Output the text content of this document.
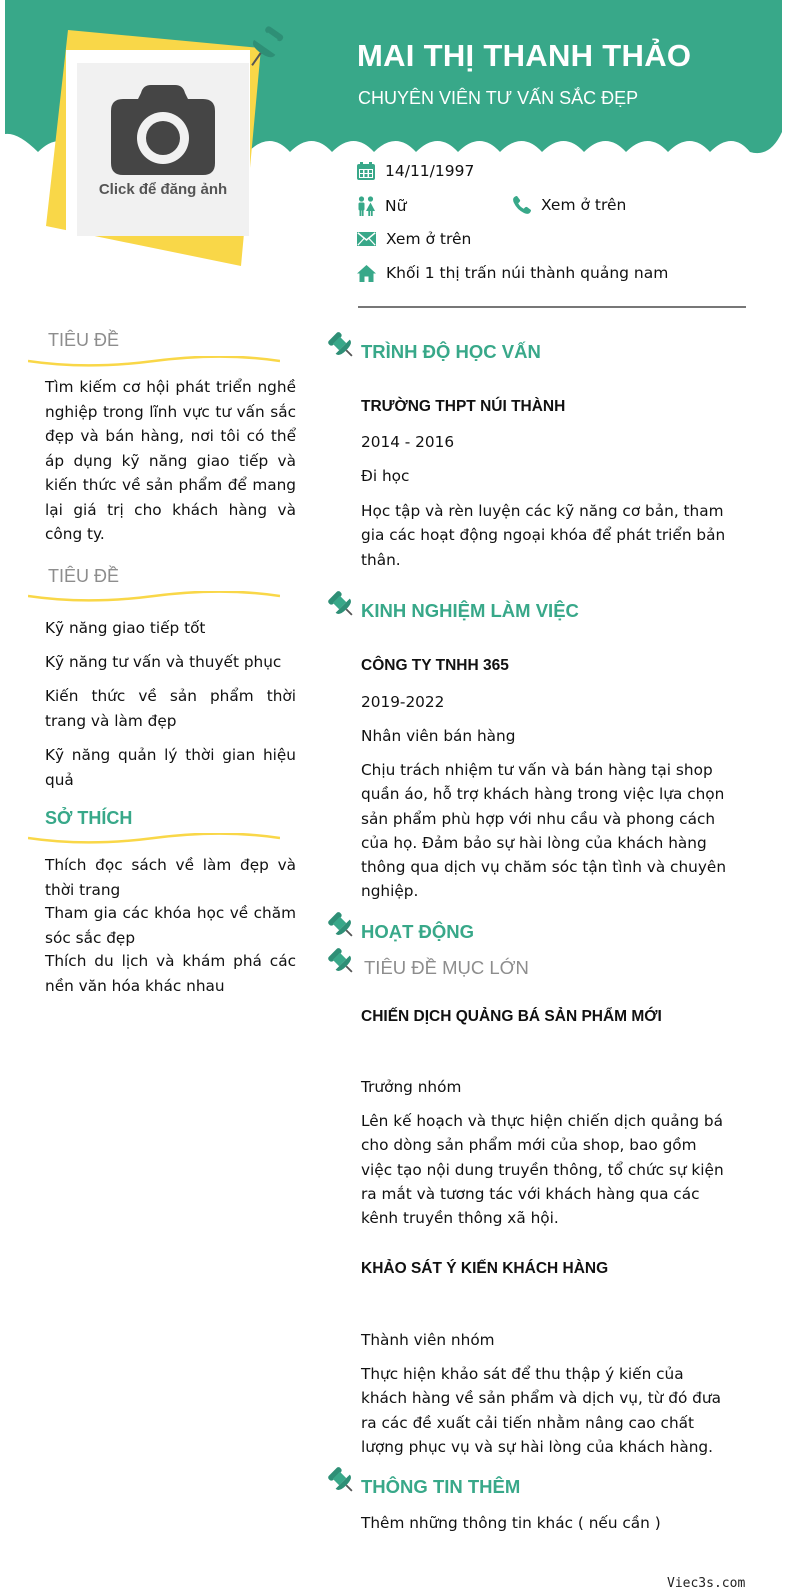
Click để đăng ảnh
MAI THỊ THANH THẢO
CHUYÊN VIÊN TƯ VẤN SẮC ĐẸP
14/11/1997
Nữ	Xem ở trên
Xem ở trên
Khối 1 thị trấn núi thành quảng nam
TIÊU ĐỀ
Tìm kiếm cơ hội phát triển nghề nghiệp trong lĩnh vực tư vấn sắc đẹp và bán hàng, nơi tôi có thể áp dụng kỹ năng giao tiếp và kiến thức về sản phẩm để mang lại giá trị cho khách hàng và công ty.
TIÊU ĐỀ
Kỹ năng giao tiếp tốt
Kỹ năng tư vấn và thuyết phục
Kiến thức về sản phẩm thời trang và làm đẹp
Kỹ năng quản lý thời gian hiệu quả
SỞ THÍCH
Thích đọc sách về làm đẹp và thời trang
Tham gia các khóa học về chăm sóc sắc đẹp
Thích du lịch và khám phá các nền văn hóa khác nhau
TRÌNH ĐỘ HỌC VẤN
TRƯỜNG THPT NÚI THÀNH
2014 - 2016
Đi học
Học tập và rèn luyện các kỹ năng cơ bản, tham gia các hoạt động ngoại khóa để phát triển bản thân.
KINH NGHIỆM LÀM VIỆC
CÔNG TY TNHH 365
2019-2022
Nhân viên bán hàng
Chịu trách nhiệm tư vấn và bán hàng tại shop quần áo, hỗ trợ khách hàng trong việc lựa chọn sản phẩm phù hợp với nhu cầu và phong cách của họ. Đảm bảo sự hài lòng của khách hàng thông qua dịch vụ chăm sóc tận tình và chuyên nghiệp.
HOẠT ĐỘNG
TIÊU ĐỀ MỤC LỚN
CHIẾN DỊCH QUẢNG BÁ SẢN PHẨM MỚI
Trưởng nhóm
Lên kế hoạch và thực hiện chiến dịch quảng bá cho dòng sản phẩm mới của shop, bao gồm việc tạo nội dung truyền thông, tổ chức sự kiện ra mắt và tương tác với khách hàng qua các kênh truyền thông xã hội.
KHẢO SÁT Ý KIẾN KHÁCH HÀNG
Thành viên nhóm
Thực hiện khảo sát để thu thập ý kiến của khách hàng về sản phẩm và dịch vụ, từ đó đưa ra các đề xuất cải tiến nhằm nâng cao chất lượng phục vụ và sự hài lòng của khách hàng.
THÔNG TIN THÊM
Thêm những thông tin khác ( nếu cần )
Viec3s.com
